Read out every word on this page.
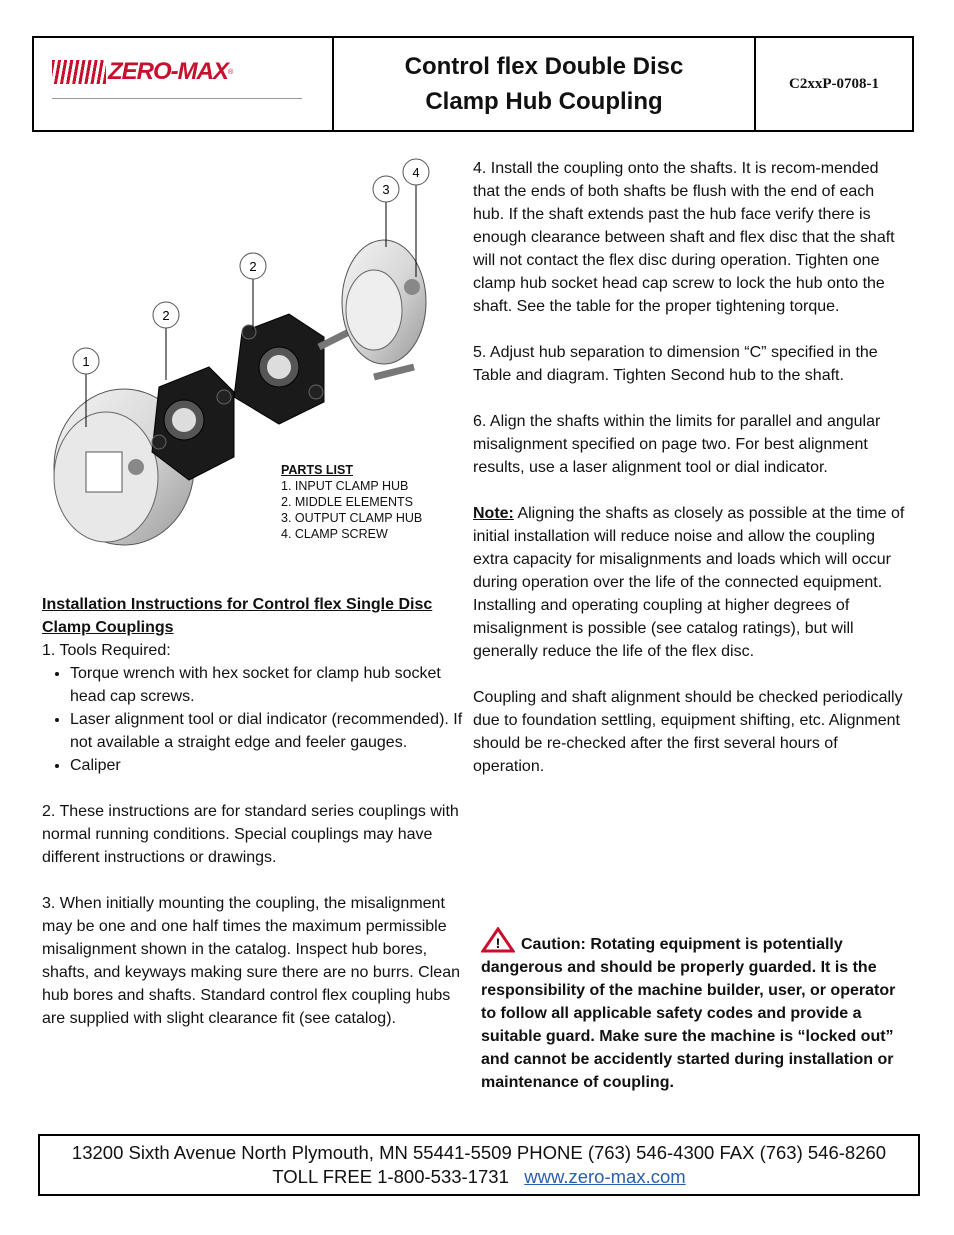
ZERO-MAX ®	Control flex Double Disc
Clamp Hub Coupling
C2xxP-0708-1
1
2
2
3
4
PARTS LIST
1. INPUT CLAMP HUB
2. MIDDLE ELEMENTS
3. OUTPUT CLAMP HUB
4. CLAMP SCREW

Installation Instructions for Control flex Single Disc Clamp Couplings

1. Tools Required:

• Torque wrench with hex socket for clamp hub socket head cap screws.
• Laser alignment tool or dial indicator (recommended). If not available a straight edge and feeler gauges.
• Caliper

2. These instructions are for standard series couplings with normal running conditions. Special couplings may have different instructions or drawings.

3. When initially mounting the coupling, the misalignment may be one and one half times the maximum permissible misalignment shown in the catalog. Inspect hub bores, shafts, and keyways making sure there are no burrs. Clean hub bores and shafts. Standard control flex coupling hubs are supplied with slight clearance fit (see catalog).

4. Install the coupling onto the shafts. It is recom-mended that the ends of both shafts be flush with the end of each hub. If the shaft extends past the hub face verify there is enough clearance between shaft and flex disc that the shaft will not contact the flex disc during operation. Tighten one clamp hub socket head cap screw to lock the hub onto the shaft. See the table for the proper tightening torque.

5. Adjust hub separation to dimension “C” specified in the Table and diagram. Tighten Second hub to the shaft.

6. Align the shafts within the limits for parallel and angular misalignment specified on page two. For best alignment results, use a laser alignment tool or dial indicator.

Note: Aligning the shafts as closely as possible at the time of initial installation will reduce noise and allow the coupling extra capacity for misalignments and loads which will occur during operation over the life of the connected equipment. Installing and operating coupling at higher degrees of misalignment is possible (see catalog ratings), but will generally reduce the life of the flex disc.

Coupling and shaft alignment should be checked periodically due to foundation settling, equipment shifting, etc. Alignment should be re-checked after the first several hours of operation.

! Caution: Rotating equipment is potentially dangerous and should be properly guarded. It is the responsibility of the machine builder, user, or operator to follow all applicable safety codes and provide a suitable guard. Make sure the machine is “locked out” and cannot be accidently started during installation or maintenance of coupling.
13200 Sixth Avenue North Plymouth, MN 55441-5509 PHONE (763) 546-4300 FAX (763) 546-8260
TOLL FREE 1-800-533-1731 www.zero-max.com
